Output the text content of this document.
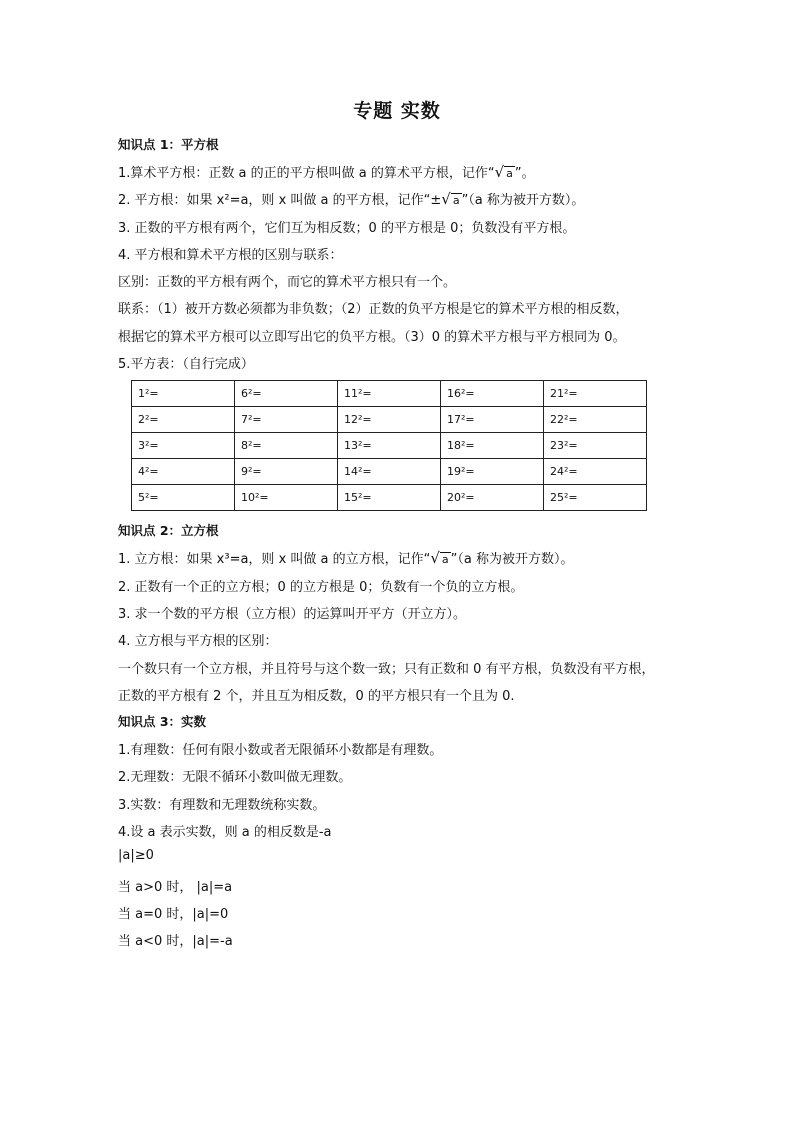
专题 实数
知识点 1：平方根
1.算术平方根：正数 a 的正的平方根叫做 a 的算术平方根，记作“√ a ”。
2. 平方根：如果 x²=a，则 x 叫做 a 的平方根，记作“±√ a ”（a 称为被开方数）。
3. 正数的平方根有两个，它们互为相反数；0 的平方根是 0；负数没有平方根。
4. 平方根和算术平方根的区别与联系：
区别：正数的平方根有两个，而它的算术平方根只有一个。
联系：（1）被开方数必须都为非负数；（2）正数的负平方根是它的算术平方根的相反数，
根据它的算术平方根可以立即写出它的负平方根。（3）0 的算术平方根与平方根同为 0。
5.平方表：（自行完成）
1²=	6²=	11²=	16²=	21²=
2²=	7²=	12²=	17²=	22²=
3²=	8²=	13²=	18²=	23²=
4²=	9²=	14²=	19²=	24²=
5²=	10²=	15²=	20²=	25²=
知识点 2：立方根
1. 立方根：如果 x³=a，则 x 叫做 a 的立方根，记作“√ a ”（a 称为被开方数）。
2. 正数有一个正的立方根；0 的立方根是 0；负数有一个负的立方根。
3. 求一个数的平方根（立方根）的运算叫开平方（开立方）。
4. 立方根与平方根的区别：
一个数只有一个立方根，并且符号与这个数一致；只有正数和 0 有平方根，负数没有平方根，
正数的平方根有 2 个，并且互为相反数，0 的平方根只有一个且为 0.
知识点 3：实数
1.有理数：任何有限小数或者无限循环小数都是有理数。
2.无理数：无限不循环小数叫做无理数。
3.实数：有理数和无理数统称实数。
4.设 a 表示实数，则 a 的相反数是-a
|a|≥0
当 a>0 时， |a|=a
当 a=0 时，|a|=0
当 a<0 时，|a|=-a
